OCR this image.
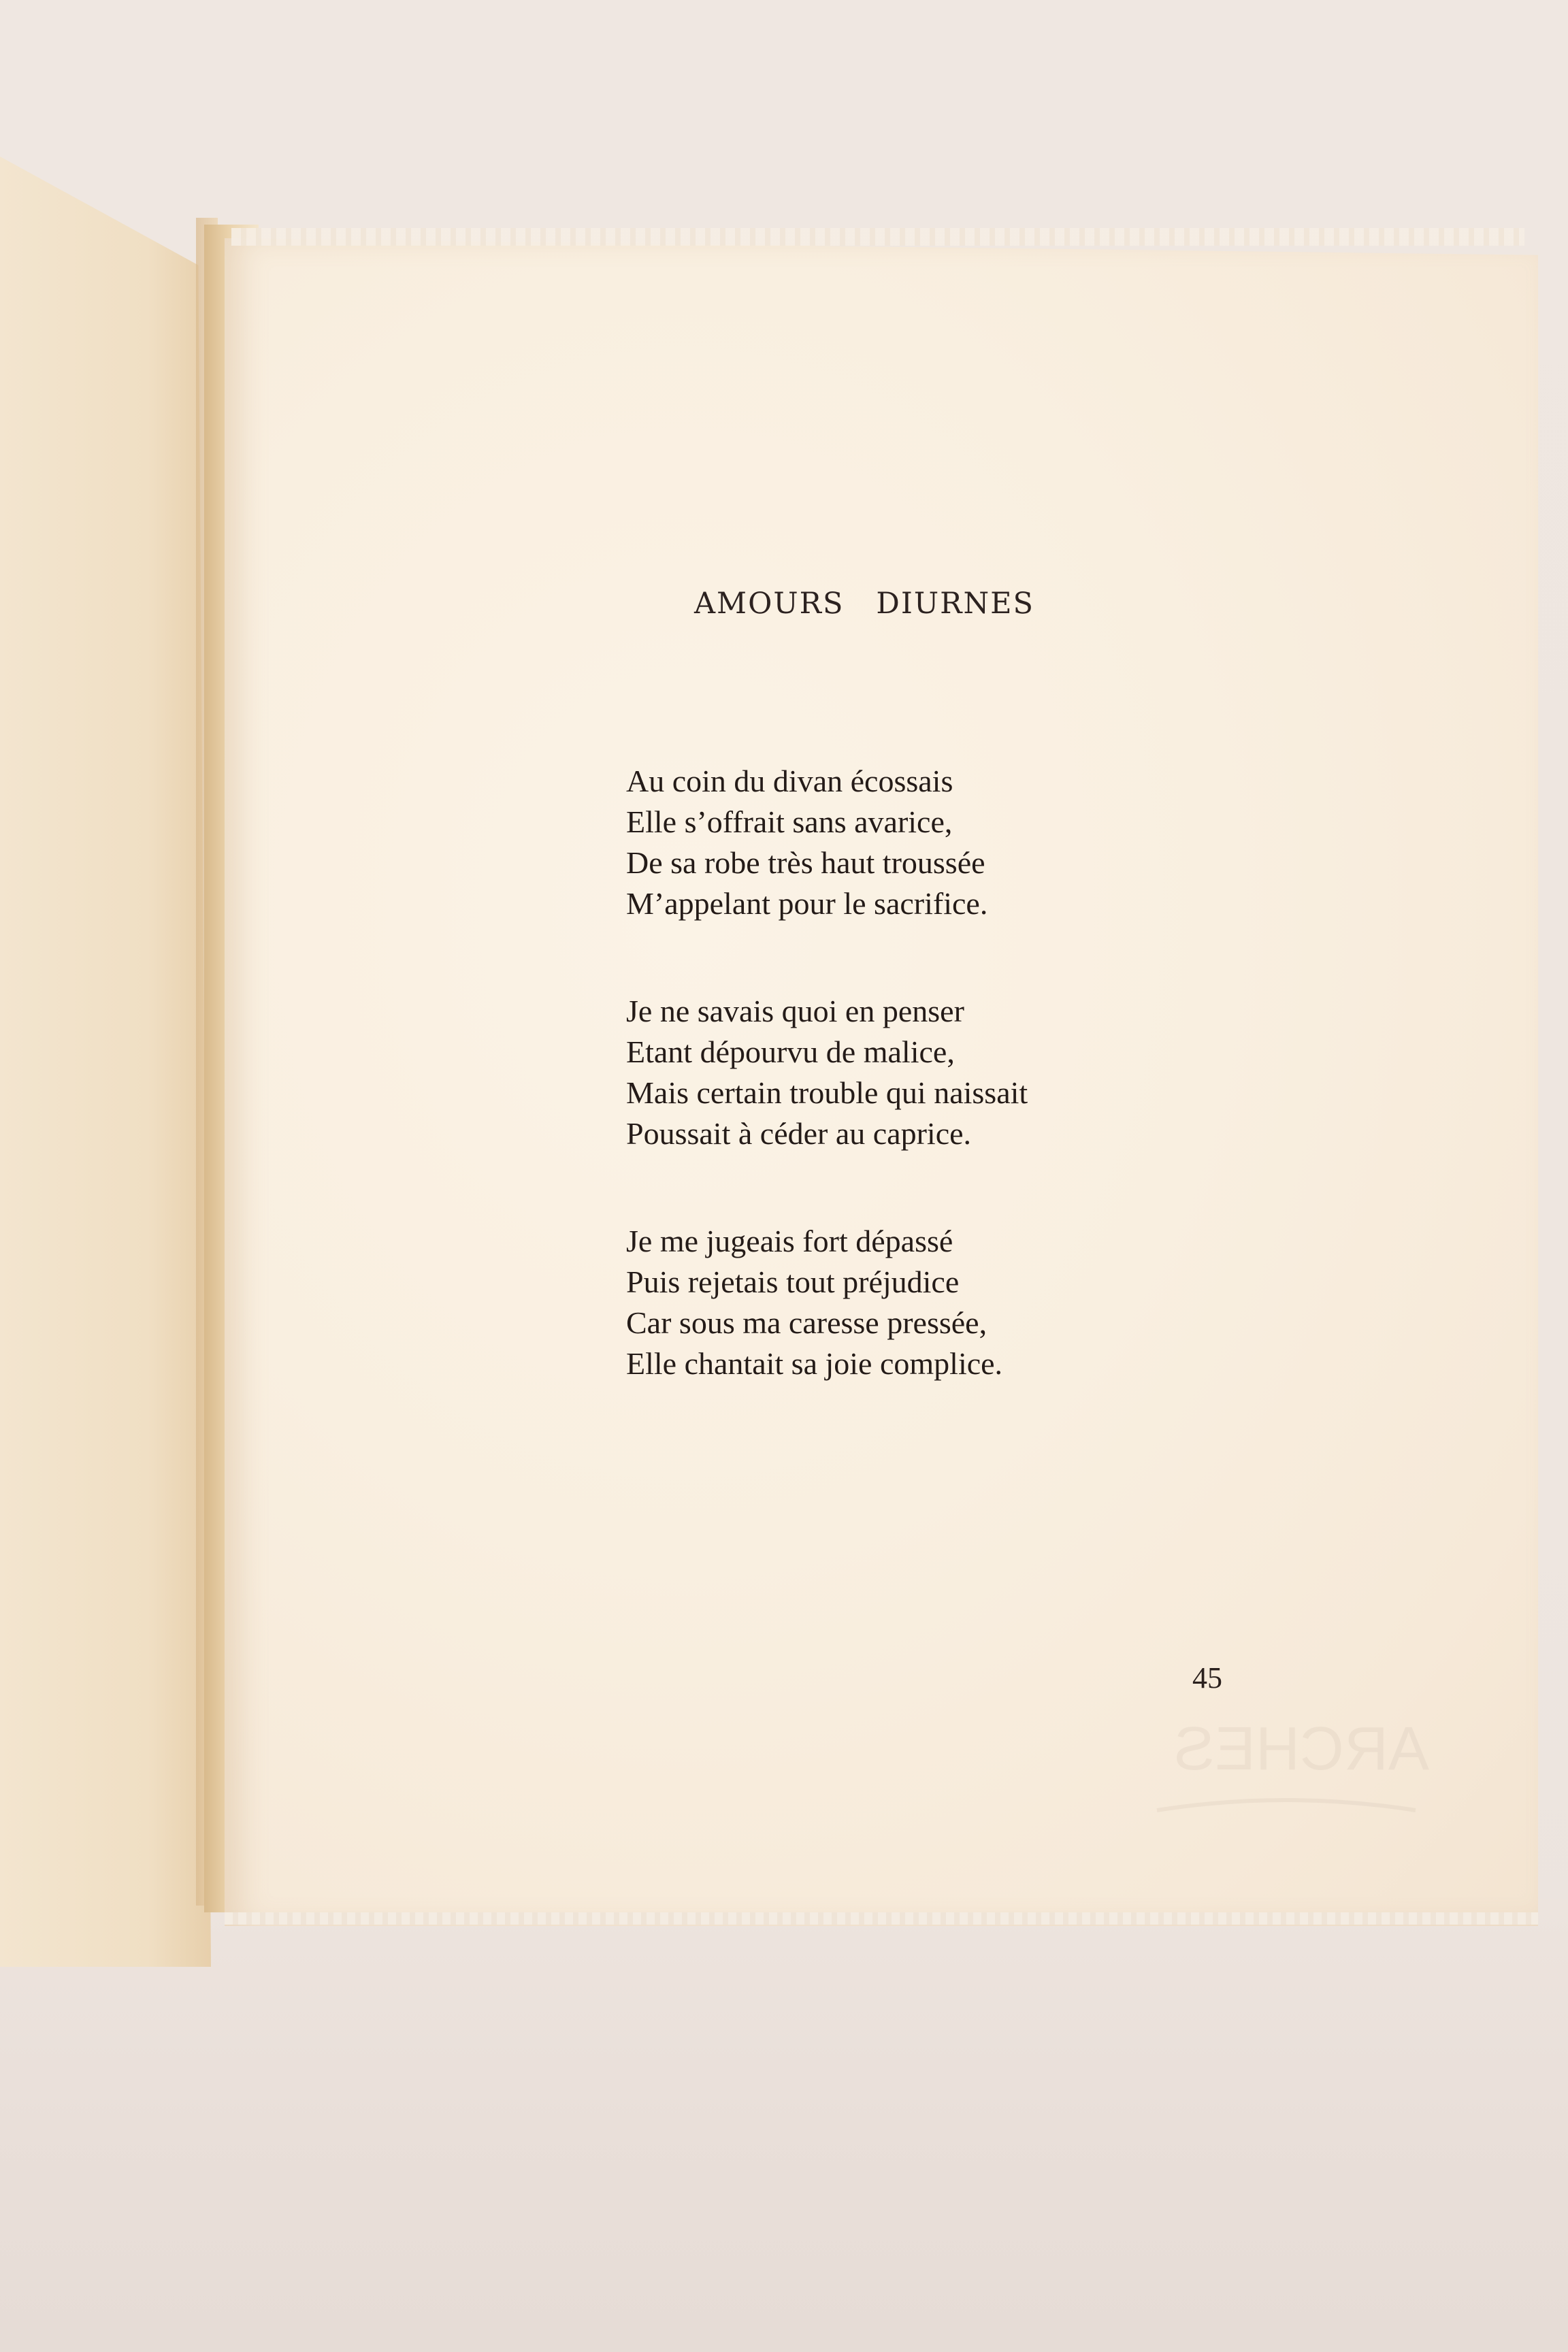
AMOURS   DIURNES
Au coin du divan écossais
Elle s’offrait sans avarice,
De sa robe très haut troussée
M’appelant pour le sacrifice.
Je ne savais quoi en penser
Etant dépourvu de malice,
Mais certain trouble qui naissait
Poussait à céder au caprice.
Je me jugeais fort dépassé
Puis rejetais tout préjudice
Car sous ma caresse pressée,
Elle chantait sa joie complice.
45
ARCHES
